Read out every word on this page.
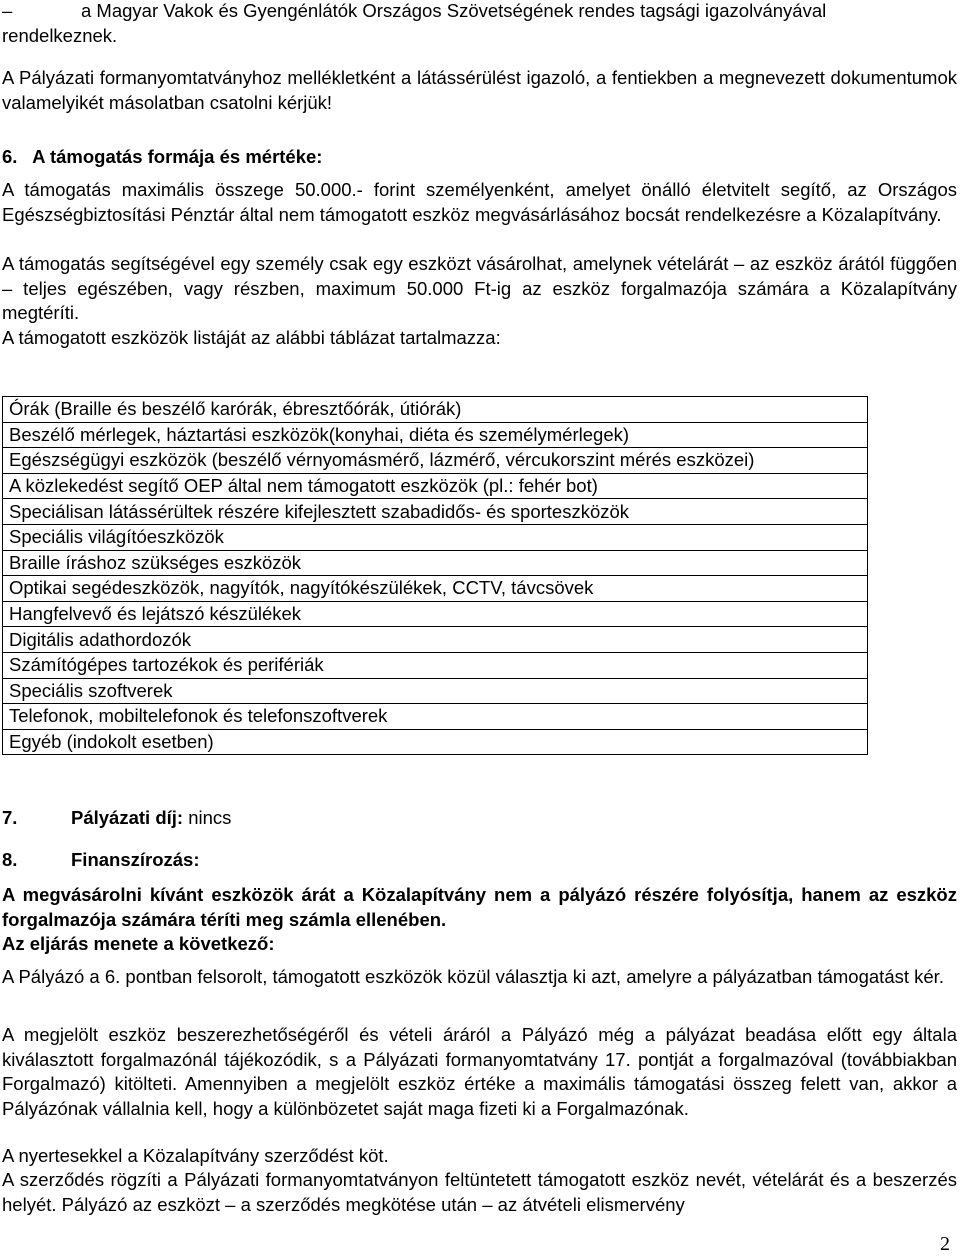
–	a Magyar Vakok és Gyengénlátók Országos Szövetségének rendes tagsági igazolványával
rendelkeznek.
A Pályázati formanyomtatványhoz mellékletként a látássérülést igazoló, a fentiekben a megnevezett dokumentumok valamelyikét másolatban csatolni kérjük!
6.   A támogatás formája és mértéke:
A támogatás maximális összege 50.000.- forint személyenként, amelyet önálló életvitelt segítő, az Országos Egészségbiztosítási Pénztár által nem támogatott eszköz megvásárlásához bocsát rendelkezésre a Közalapítvány.
A támogatás segítségével egy személy csak egy eszközt vásárolhat, amelynek vételárát – az eszköz árától függően – teljes egészében, vagy részben, maximum 50.000 Ft-ig az eszköz forgalmazója számára a Közalapítvány megtéríti.
A támogatott eszközök listáját az alábbi táblázat tartalmazza:
Órák (Braille és beszélő karórák, ébresztőórák, útiórák)
Beszélő mérlegek, háztartási eszközök(konyhai, diéta és személymérlegek)
Egészségügyi eszközök (beszélő vérnyomásmérő, lázmérő, vércukorszint mérés eszközei)
A közlekedést segítő OEP által nem támogatott eszközök (pl.: fehér bot)
Speciálisan látássérültek részére kifejlesztett szabadidős- és sporteszközök
Speciális világítóeszközök
Braille íráshoz szükséges eszközök
Optikai segédeszközök, nagyítók, nagyítókészülékek, CCTV, távcsövek
Hangfelvevő és lejátszó készülékek
Digitális adathordozók
Számítógépes tartozékok és perifériák
Speciális szoftverek
Telefonok, mobiltelefonok és telefonszoftverek
Egyéb (indokolt esetben)
7.	Pályázati díj: nincs
8.	Finanszírozás:
A megvásárolni kívánt eszközök árát a Közalapítvány nem a pályázó részére folyósítja, hanem az eszköz forgalmazója számára téríti meg számla ellenében.
Az eljárás menete a következő:
A Pályázó a 6. pontban felsorolt, támogatott eszközök közül választja ki azt, amelyre a pályázatban támogatást kér.
A megjelölt eszköz beszerezhetőségéről és vételi áráról a Pályázó még a pályázat beadása előtt egy általa kiválasztott forgalmazónál tájékozódik, s a Pályázati formanyomtatvány 17. pontját a forgalmazóval (továbbiakban Forgalmazó) kitölteti. Amennyiben a megjelölt eszköz értéke a maximális támogatási összeg felett van, akkor a Pályázónak vállalnia kell, hogy a különbözetet saját maga fizeti ki a Forgalmazónak.
A nyertesekkel a Közalapítvány szerződést köt.
A szerződés rögzíti a Pályázati formanyomtatványon feltüntetett támogatott eszköz nevét, vételárát és a beszerzés helyét. Pályázó az eszközt – a szerződés megkötése után – az átvételi elismervény
2
